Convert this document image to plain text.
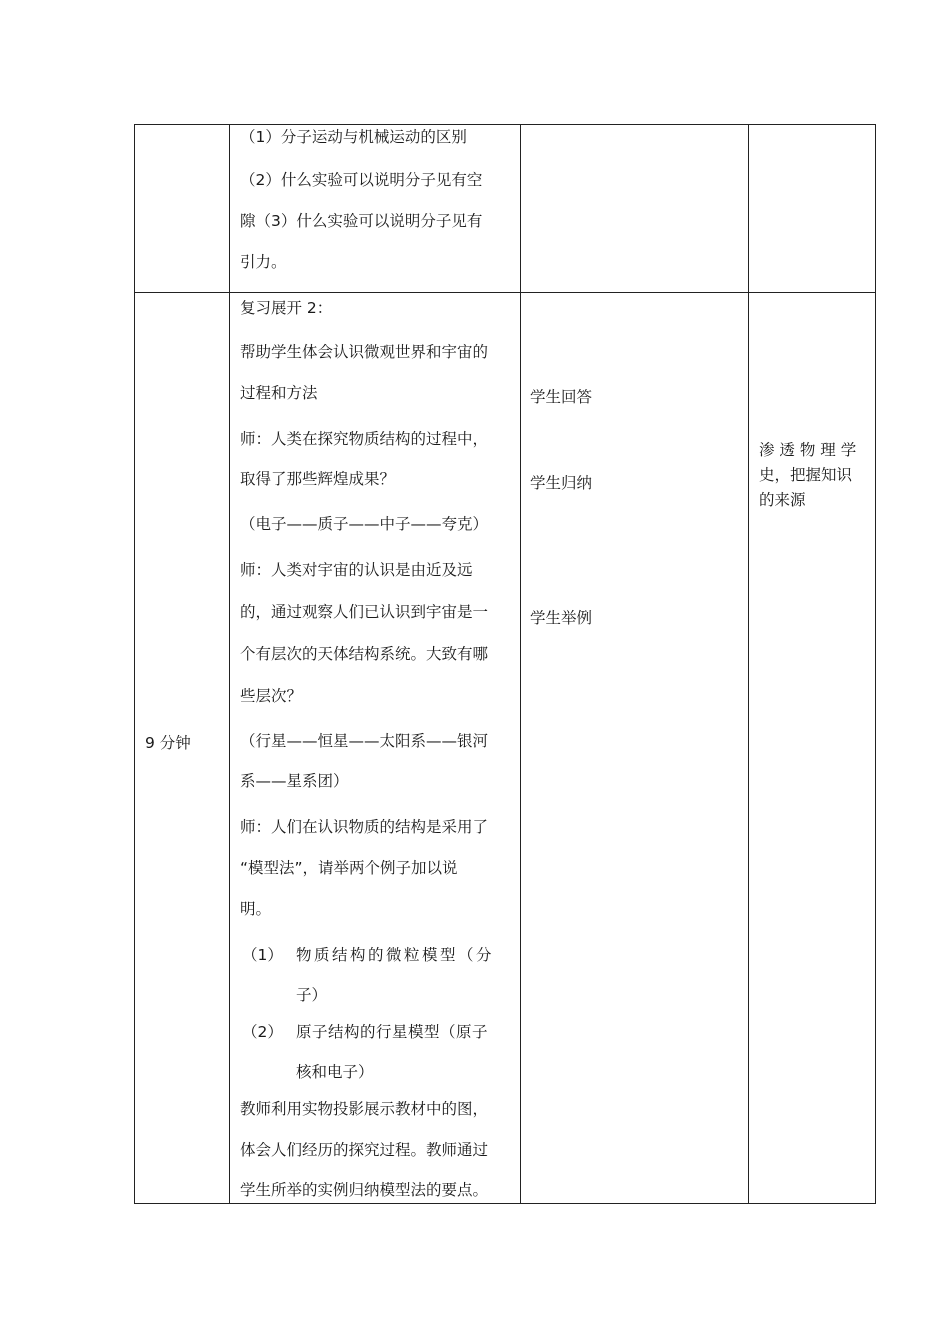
（1）分子运动与机械运动的区别
（2）什么实验可以说明分子见有空
隙（3）什么实验可以说明分子见有
引力。
9 分钟
复习展开 2：
帮助学生体会认识微观世界和宇宙的
过程和方法
师：人类在探究物质结构的过程中，
取得了那些辉煌成果？
（电子——质子——中子——夸克）
师：人类对宇宙的认识是由近及远
的，通过观察人们已认识到宇宙是一
个有层次的天体结构系统。大致有哪
些层次？
（行星——恒星——太阳系——银河
系——星系团）
师：人们在认识物质的结构是采用了
“模型法”，请举两个例子加以说
明。
（1） 物质结构的微粒模型（分
子）
（2） 原子结构的行星模型（原子
核和电子）
教师利用实物投影展示教材中的图，
体会人们经历的探究过程。教师通过
学生所举的实例归纳模型法的要点。
学生回答
学生归纳
学生举例
渗 透 物 理 学
史，把握知识
的来源
